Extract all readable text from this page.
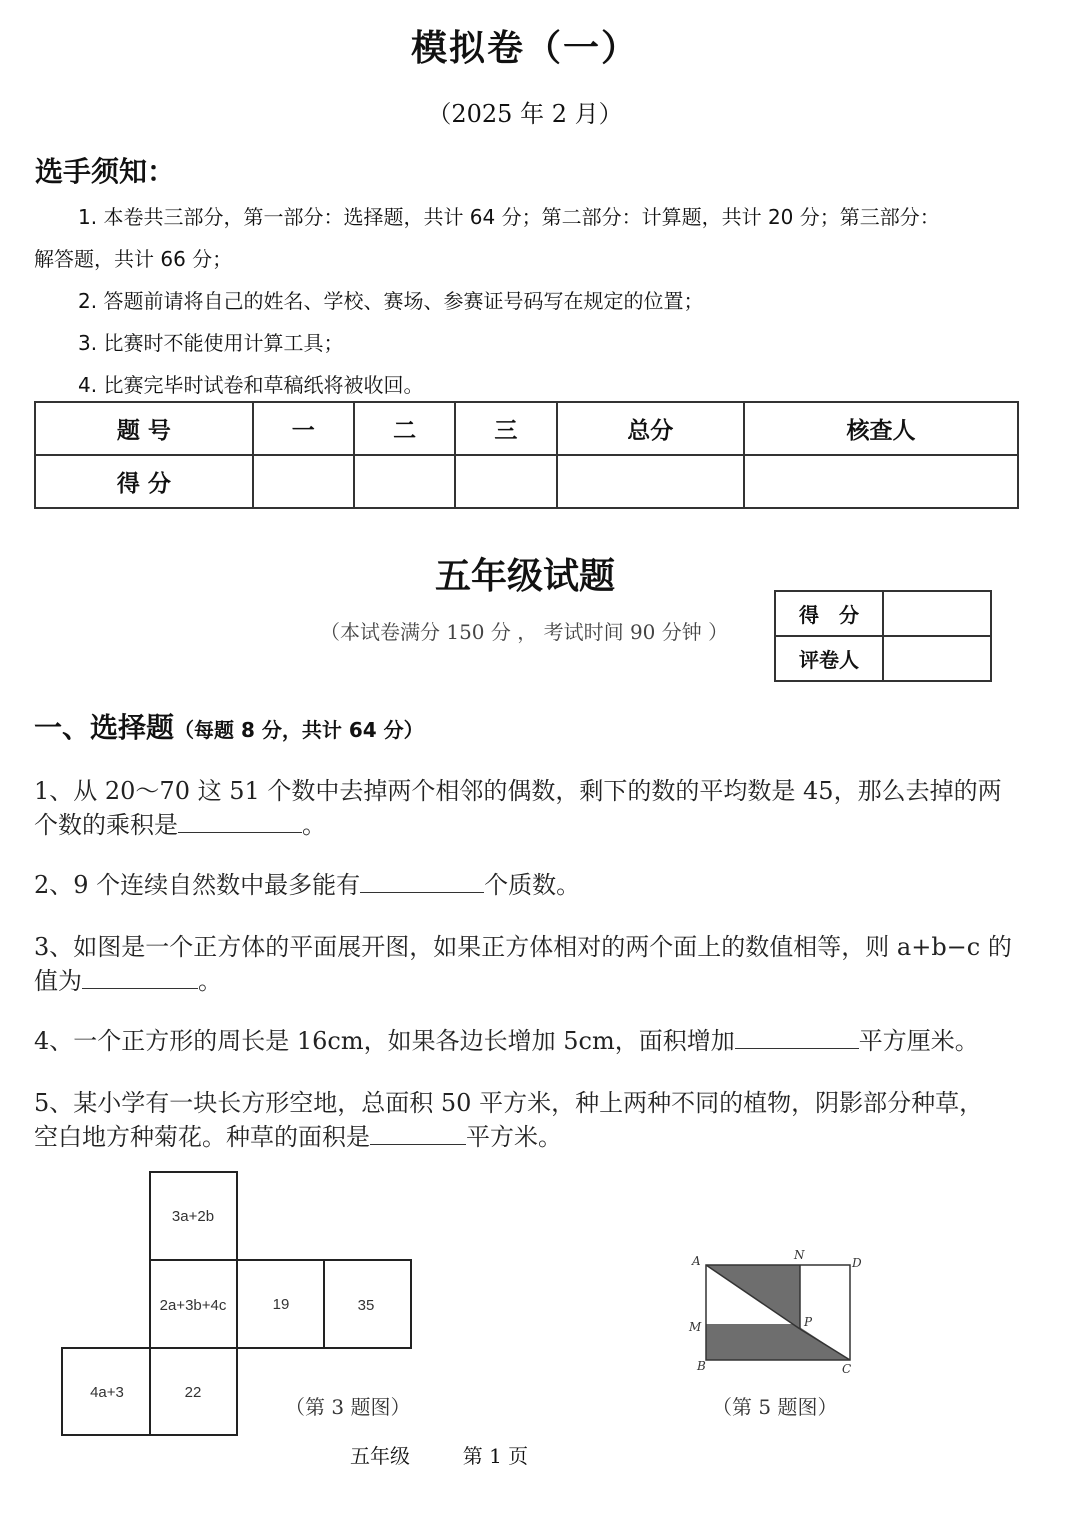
模拟卷（一）
（2025 年 2 月）
选手须知：
1. 本卷共三部分，第一部分：选择题，共计 64 分；第二部分：计算题，共计 20 分；第三部分：
解答题，共计 66 分；
2. 答题前请将自己的姓名、学校、赛场、参赛证号码写在规定的位置；
3. 比赛时不能使用计算工具；
4. 比赛完毕时试卷和草稿纸将被收回。
题 号	一	二	三	总分	核查人
得 分					
五年级试题
（本试卷满分 150 分 ， 考试时间 90 分钟 ）
得　分	
评卷人	
一、选择题（每题 8 分，共计 64 分）
1、从 20～70 这 51 个数中去掉两个相邻的偶数，剩下的数的平均数是 45，那么去掉的两
个数的乘积是	。
2、9 个连续自然数中最多能有	个质数。
3、如图是一个正方体的平面展开图，如果正方体相对的两个面上的数值相等，则 a+b−c 的
值为	。
4、一个正方形的周长是 16cm，如果各边长增加 5cm，面积增加	平方厘米。
5、某小学有一块长方形空地，总面积 50 平方米，种上两种不同的植物，阴影部分种草，
空白地方种菊花。种草的面积是	平方米。
3a+2b
2a+3b+4c	19	35
4a+3	22
（第 3 题图）
A	N
D
M	P
B	C
（第 5 题图）
五年级	第 1 页
